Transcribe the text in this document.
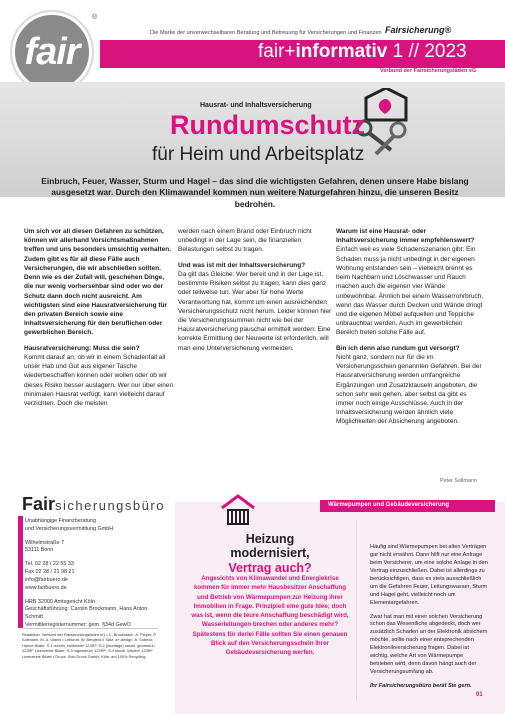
fair
®
Die Marke der unverwechselbaren Beratung und Betreuung für Versicherungen und Finanzen Fairsicherung®
fair+informativ 1 // 2023
Verbund der Fairsicherungsläden eG
Hausrat- und Inhaltsversicherung
Rundumschutz
für Heim und Arbeitsplatz
Einbruch, Feuer, Wasser, Sturm und Hagel – das sind die wichtigsten Gefahren, denen unsere Habe bislang ausgesetzt war. Durch den Klimawandel kommen nun weitere Naturgefahren hinzu, die unseren Besitz bedrohen.

Um sich vor all diesen Gefahren zu schützen, können wir allerhand Vorsichtsmaßnahmen treffen und uns besonders umsichtig verhalten. Zudem gibt es für all diese Fälle auch Versicherungen, die wir abschließen sollten. Denn wie es der Zufall will, geschehen Dinge, die nur wenig vorhersehbar sind oder wo der Schutz dann doch nicht ausreicht. Am wichtigsten sind eine Hausratversicherung für den privaten Bereich sowie eine Inhaltsversicherung für den beruflichen oder gewerblichen Bereich.

Hausratversicherung: Muss die sein?
Kommt darauf an, ob wir in einem Schadenfall all unser Hab und Gut aus eigener Tasche wiederbeschaffen können oder wollen oder ob wir dieses Risiko besser auslagern. Wer nur über einen minimalen Hausrat verfügt, kann vielleicht darauf verzichten. Doch die meisten

werden nach einem Brand oder Einbruch nicht unbedingt in der Lage sein, die finanziellen Belastungen selbst zu tragen.

Und was ist mit der Inhaltsversicherung?
Da gilt das Gleiche: Wer bereit und in der Lage ist, bestimmte Risiken selbst zu tragen, kann dies ganz oder teilweise tun. Wer aber für hohe Werte Verantwortung hat, kommt um einen ausreichenden Versicherungsschutz nicht herum. Leider können hier die Versicherungssummen nicht wie bei der Hausratversicherung pauschal ermittelt werden: Eine korrekte Ermittlung der Neuwerte ist erforderlich, will man eine Unterversicherung vermeiden.

Warum ist eine Hausrat- oder Inhaltsversicherung immer empfehlenswert?
Einfach weil es viele Schadenszenarien gibt: Ein Schaden muss ja nicht unbedingt in der eigenen Wohnung entstanden sein – vielleicht brennt es beim Nachbarn und Löschwasser und Rauch machen auch die eigenen vier Wände unbewohnbar. Ähnlich bei einem Wasserrohrbruch, wenn das Wasser durch Decken und Wände dringt und die eigenen Möbel aufquellen und Teppiche unbrauchbar werden. Auch im gewerblichen Bereich treten solche Fälle auf.

Bin ich denn also rundum gut versorgt?
Nicht ganz, sondern nur für die im Versicherungsschein genannten Gefahren. Bei der Hausratversicherung werden umfangreiche Ergänzungen und Zusatzklauseln angeboten, die schon sehr weit gehen, aber selbst da gibt es immer noch einige Ausschlüsse. Auch in der Inhaltsversicherung werden ähnlich viele Möglichkeiten der Absicherung angeboten.

Peter Sollmann
Fairsicherungsbüro
Unabhängige Finanzberatung
und Versicherungsvermittlung GmbH
Wilhelmstraße 7
53111 Bonn
Tel. 02 28 / 22 55 33
Fax 02 28 / 21 98 21
info@fairbuero.de
www.fairbuero.de
HRB 32000 Amtsgericht Köln
Geschäftsführung: Carolin Brockmann, Hans Anton Schmitt
Vermittlerregisternummer: gem. §34d GewO
Redaktion: Verbund der Fairsicherungsläden eG • C. Brockmann, A. Pieper, P. Sollmann, M. A. Ulanis • Lektorat: W. Bergfeld // Satz: a+-design, A. Sobeck; Hanne Bilder: S.1 recklin, kolibriwie/ 123RF; S.2 (Montage) umokl, georsbü1/ 123RF Lizenzfreie Bilder; S.3 mgeasbu/r/ 123RF; S.4 sturcil, luftpelr/ 123RF Lizenzfreie Bilder • Druck: Solo Druck GmbH, Köln, auf 100% Recycling
Wärmepumpen und Gebäudeversicherung
Heizung modernisiert,
Vertrag auch?
Angesichts von Klimawandel und Energiekrise kommen für immer mehr Hausbesitzer Anschaffung und Betrieb von Wärmepumpen zur Heizung ihrer Immobilien in Frage. Prinzipiell eine gute Idee; doch was ist, wenn die teure Anschaffung beschädigt wird, Wasserleitungen brechen oder anderes mehr? Spätestens für derlei Fälle sollten Sie einen genauen Blick auf den Versicherungsschein Ihrer Gebäudeversicherung werfen.

Häufig sind Wärmepumpen bei alten Verträgen gar nicht erwähnt. Dann hilft nur eine Anfrage beim Versicherer, um eine solche Anlage in den Vertrag einzuschließen. Dabei ist allerdings zu berücksichtigen, dass es stets ausschließlich um die Gefahren Feuer, Leitungswasser, Sturm und Hagel geht, vielleicht noch um Elementargefahren.

Zwar hat man mit einer solchen Versicherung schon das Wesentliche abgedeckt, doch wer zusätzlich Schaden an der Elektronik absichern möchte, sollte nach einer entsprechenden Elektronikversicherung fragen. Dabei ist wichtig, welche Art von Wärmepumpe betrieben wird, denn davon hängt auch der Versicherungsumfang ab.

Ihr Fairsicherungsbüro berät Sie gern.

01
